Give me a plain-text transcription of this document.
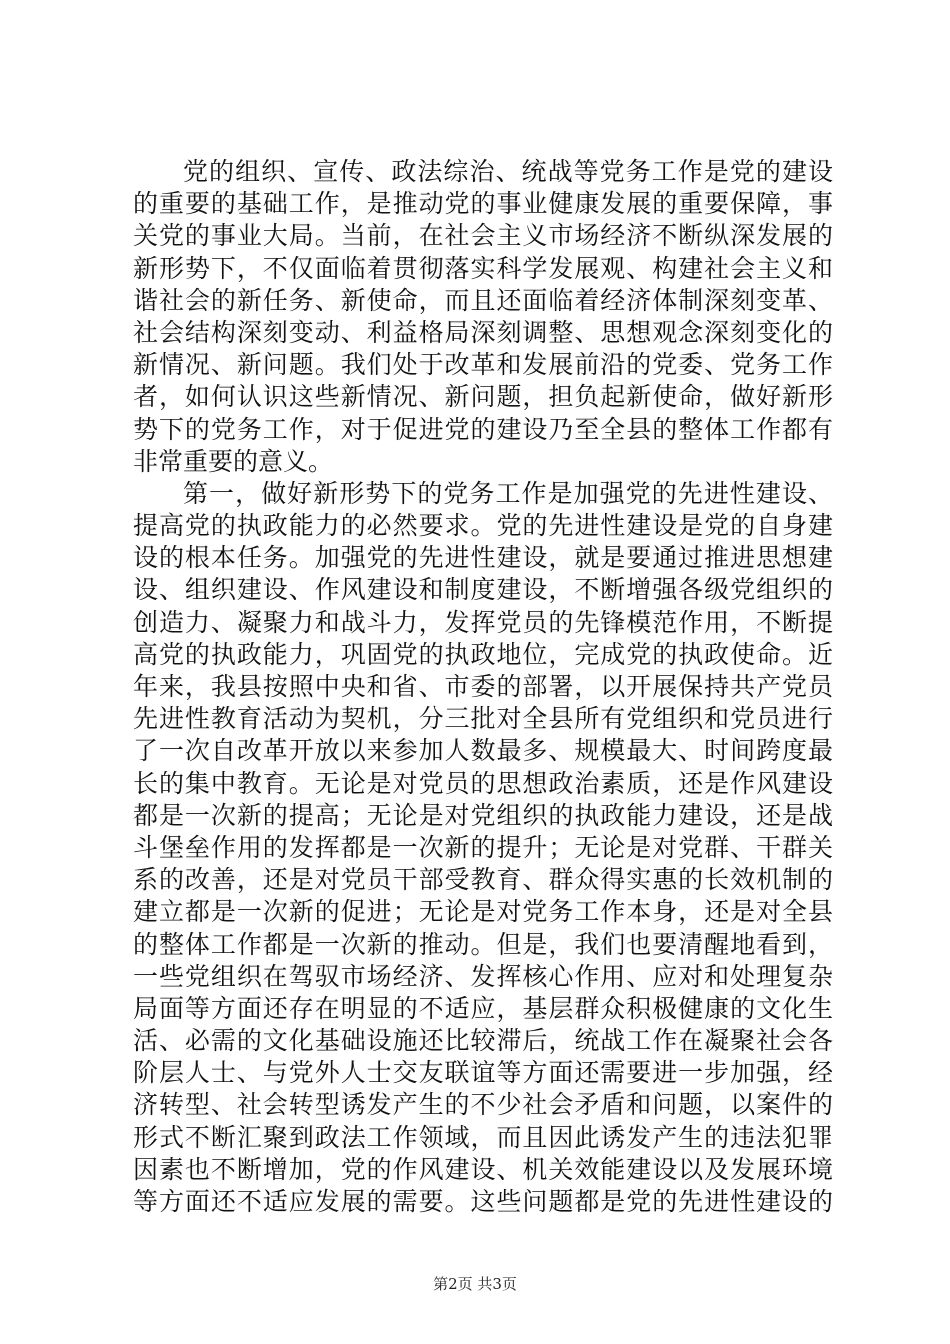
党的组织、宣传、政法综治、统战等党务工作是党的建设
的重要的基础工作，是推动党的事业健康发展的重要保障，事
关党的事业大局。当前，在社会主义市场经济不断纵深发展的
新形势下，不仅面临着贯彻落实科学发展观、构建社会主义和
谐社会的新任务、新使命，而且还面临着经济体制深刻变革、
社会结构深刻变动、利益格局深刻调整、思想观念深刻变化的
新情况、新问题。我们处于改革和发展前沿的党委、党务工作
者，如何认识这些新情况、新问题，担负起新使命，做好新形
势下的党务工作，对于促进党的建设乃至全县的整体工作都有
非常重要的意义。
第一，做好新形势下的党务工作是加强党的先进性建设、
提高党的执政能力的必然要求。党的先进性建设是党的自身建
设的根本任务。加强党的先进性建设，就是要通过推进思想建
设、组织建设、作风建设和制度建设，不断增强各级党组织的
创造力、凝聚力和战斗力，发挥党员的先锋模范作用，不断提
高党的执政能力，巩固党的执政地位，完成党的执政使命。近
年来，我县按照中央和省、市委的部署，以开展保持共产党员
先进性教育活动为契机，分三批对全县所有党组织和党员进行
了一次自改革开放以来参加人数最多、规模最大、时间跨度最
长的集中教育。无论是对党员的思想政治素质，还是作风建设
都是一次新的提高；无论是对党组织的执政能力建设，还是战
斗堡垒作用的发挥都是一次新的提升；无论是对党群、干群关
系的改善，还是对党员干部受教育、群众得实惠的长效机制的
建立都是一次新的促进；无论是对党务工作本身，还是对全县
的整体工作都是一次新的推动。但是，我们也要清醒地看到，
一些党组织在驾驭市场经济、发挥核心作用、应对和处理复杂
局面等方面还存在明显的不适应，基层群众积极健康的文化生
活、必需的文化基础设施还比较滞后，统战工作在凝聚社会各
阶层人士、与党外人士交友联谊等方面还需要进一步加强，经
济转型、社会转型诱发产生的不少社会矛盾和问题，以案件的
形式不断汇聚到政法工作领域，而且因此诱发产生的违法犯罪
因素也不断增加，党的作风建设、机关效能建设以及发展环境
等方面还不适应发展的需要。这些问题都是党的先进性建设的
第2页 共3页
